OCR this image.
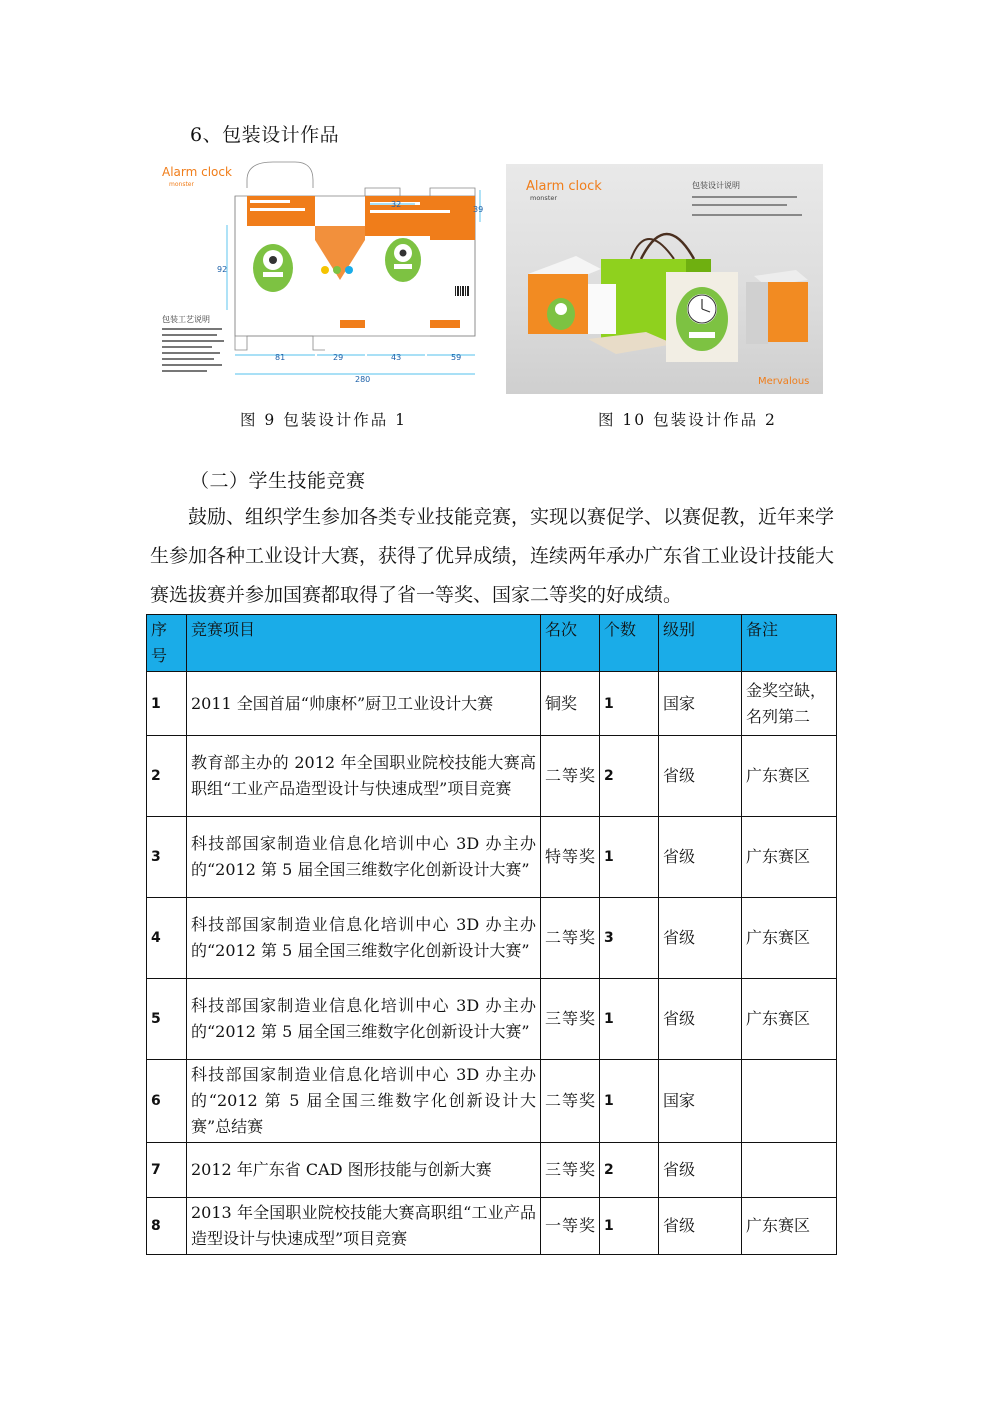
6、包装设计作品
Alarm clock
monster
81	29	43	59
280
32
92
39
包装工艺说明
Alarm clock
monster
包装设计说明
Mervalous
图 9 包装设计作品 1	图 10 包装设计作品 2
（二）学生技能竞赛
鼓励、组织学生参加各类专业技能竞赛，实现以赛促学、以赛促教，近年来学生参加各种工业设计大赛，获得了优异成绩，连续两年承办广东省工业设计技能大赛选拔赛并参加国赛都取得了省一等奖、国家二等奖的好成绩。
序号	竞赛项目	名次	个数	级别	备注
1	2011 全国首届“帅康杯”厨卫工业设计大赛	铜奖	1	国家	金奖空缺，名列第二
2	教育部主办的 2012 年全国职业院校技能大赛高职组“工业产品造型设计与快速成型”项目竞赛	二等奖	2	省级	广东赛区
3	科技部国家制造业信息化培训中心 3D 办主办的“2012 第 5 届全国三维数字化创新设计大赛”	特等奖	1	省级	广东赛区
4	科技部国家制造业信息化培训中心 3D 办主办的“2012 第 5 届全国三维数字化创新设计大赛”	二等奖	3	省级	广东赛区
5	科技部国家制造业信息化培训中心 3D 办主办的“2012 第 5 届全国三维数字化创新设计大赛”	三等奖	1	省级	广东赛区
6	科技部国家制造业信息化培训中心 3D 办主办的“2012 第 5 届全国三维数字化创新设计大赛”总结赛	二等奖	1	国家	
7	2012 年广东省 CAD 图形技能与创新大赛	三等奖	2	省级	
8	2013 年全国职业院校技能大赛高职组“工业产品造型设计与快速成型”项目竞赛	一等奖	1	省级	广东赛区
